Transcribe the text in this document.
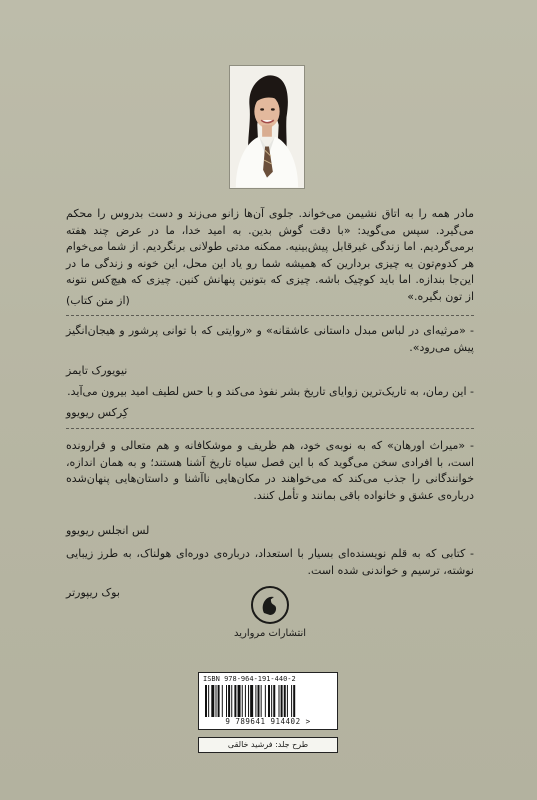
مادر همه را به اتاق نشیمن می‌خواند. جلوی آن‌ها زانو می‌زند و دست بدروس را محکم می‌گیرد. سپس می‌گوید: «با دقت گوش بدین. به امید خدا، ما در عرض چند هفته برمی‌گردیم. اما زندگی غیرقابل پیش‌بینیه. ممکنه مدتی طولانی برنگردیم. از شما می‌خوام هر کدوم‌تون یه چیزی بردارین که همیشه شما رو یاد این محل، این خونه و زندگی ما در این‌جا بندازه. اما باید کوچیک باشه. چیزی که بتونین پنهانش کنین. چیزی که هیچ‌کس نتونه از تون بگیره.»

(از متن کتاب)

- «مرثیه‌ای در لباس مبدل داستانی عاشقانه» و «روایتی که با توانی پرشور و هیجان‌انگیز پیش می‌رود».

نیویورک تایمز

- این رمان، به تاریک‌ترین زوایای تاریخ بشر نفوذ می‌کند و با حس لطیف امید بیرون می‌آید.

کِرکس ریویوو

- «میراث اورهان» که به نوبه‌ی خود، هم ظریف و موشکافانه و هم متعالی و فرارونده است، با افرادی سخن می‌گوید که با این فصل سیاه تاریخ آشنا هستند؛ و به همان اندازه، خوانندگانی را جذب می‌کند که می‌خواهند در مکان‌هایی ناآشنا و داستان‌هایی پنهان‌شده درباره‌ی عشق و خانواده باقی بمانند و تأمل کنند.

لس انجلس ریویوو

- کتابی که به قلم نویسنده‌ای بسیار با استعداد، درباره‌ی دوره‌ای هولناک، به طرز زیبایی نوشته، ترسیم و خواندنی شده است.

بوک ریپورتر
انتشارات مروارید
ISBN 978-964-191-440-2
9 789641 914402 >
طرح جلد: فرشید خالقی
